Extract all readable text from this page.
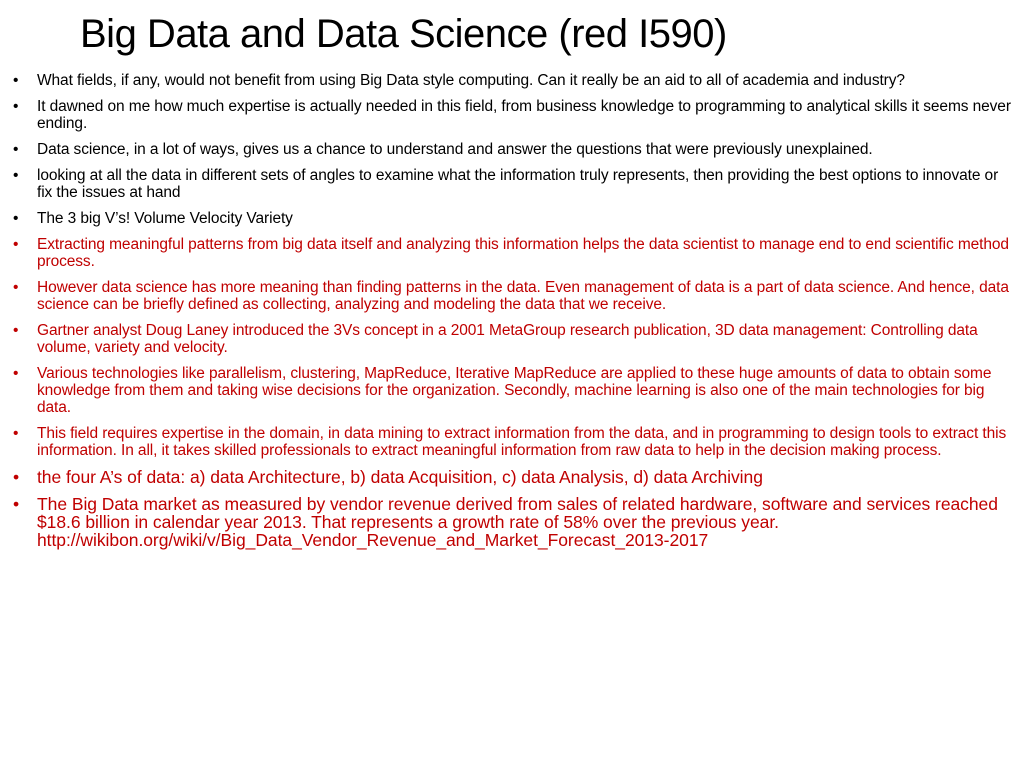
Big Data and Data Science (red I590)
• What fields, if any, would not benefit from using Big Data style computing. Can it really be an aid to all of academia and industry?
• It dawned on me how much expertise is actually needed in this field, from business knowledge to programming to analytical skills it seems never ending.
• Data science, in a lot of ways, gives us a chance to understand and answer the questions that were previously unexplained.
• looking at all the data in different sets of angles to examine what the information truly represents, then providing the best options to innovate or fix the issues at hand
• The 3 big V’s! Volume Velocity Variety
• Extracting meaningful patterns from big data itself and analyzing this information helps the data scientist to manage end to end scientific method process.
• However data science has more meaning than finding patterns in the data. Even management of data is a part of data science. And hence, data science can be briefly defined as collecting, analyzing and modeling the data that we receive.
• Gartner analyst Doug Laney introduced the 3Vs concept in a 2001 MetaGroup research publication, 3D data management: Controlling data volume, variety and velocity.
• Various technologies like parallelism, clustering, MapReduce, Iterative MapReduce are applied to these huge amounts of data to obtain some knowledge from them and taking wise decisions for the organization. Secondly, machine learning is also one of the main technologies for big data.
• This field requires expertise in the domain, in data mining to extract information from the data, and in programming to design tools to extract this information. In all, it takes skilled professionals to extract meaningful information from raw data to help in the decision making process.
• the four A’s of data: a) data Architecture, b) data Acquisition, c) data Analysis, d) data Archiving
• The Big Data market as measured by vendor revenue derived from sales of related hardware, software and services reached $18.6 billion in calendar year 2013. That represents a growth rate of 58% over the previous year. http://wikibon.org/wiki/v/Big_Data_Vendor_Revenue_and_Market_Forecast_2013-2017
